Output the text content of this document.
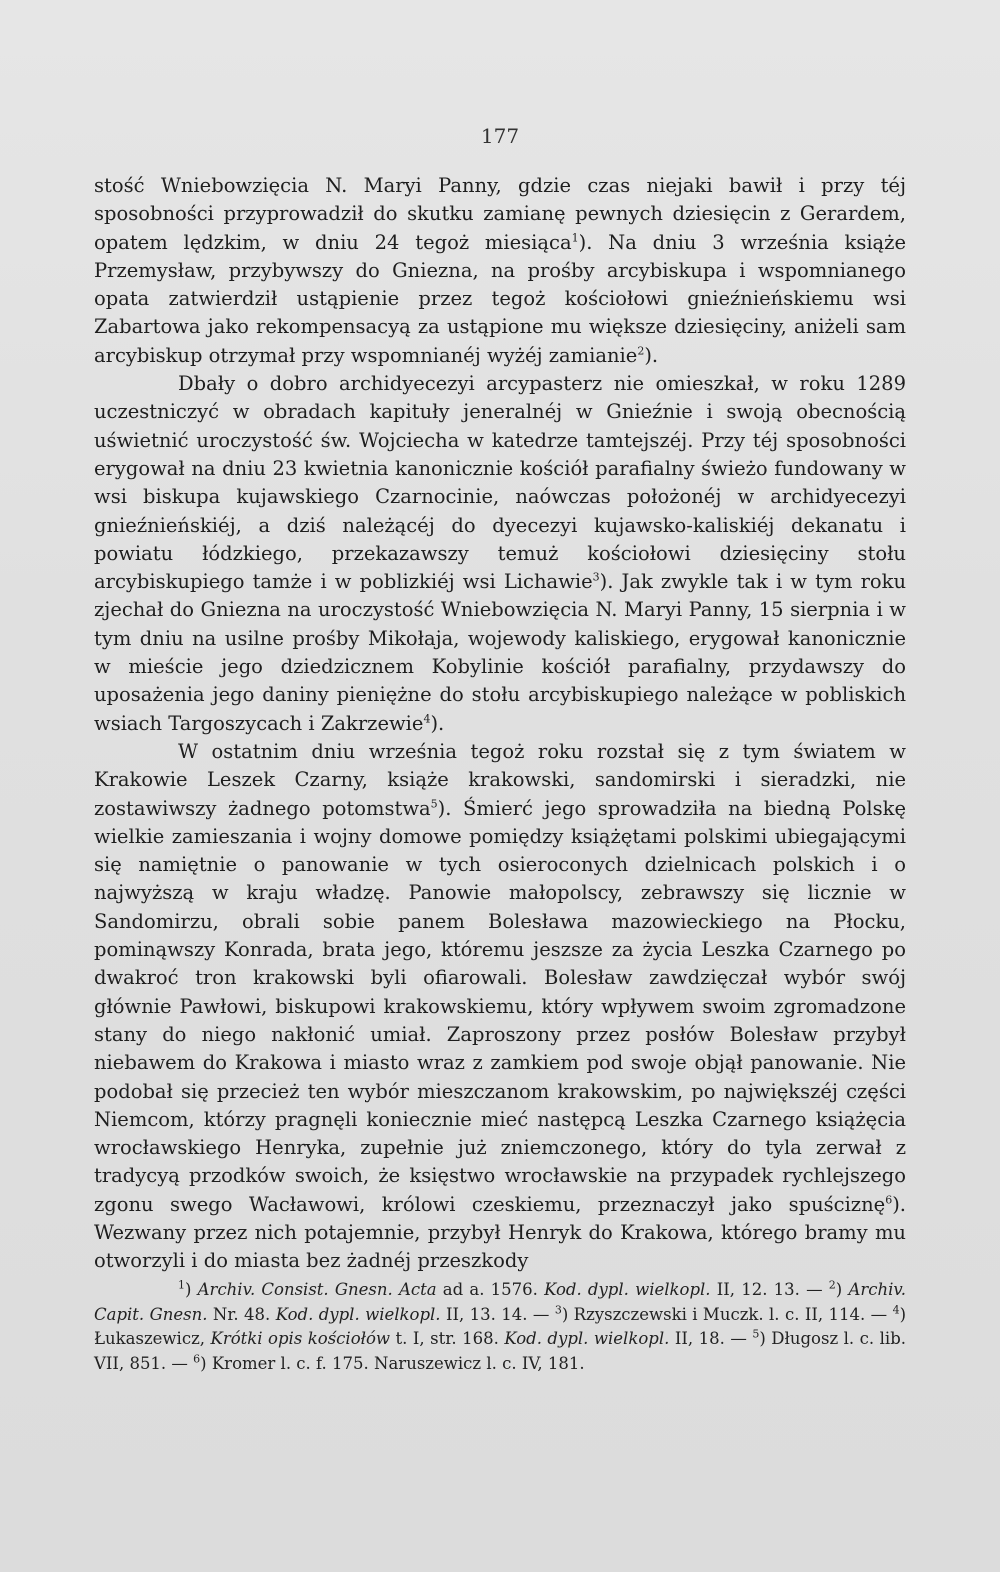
177

stość Wniebowzięcia N. Maryi Panny, gdzie czas niejaki bawił i przy téj sposobności przyprowadził do skutku zamianę pewnych dziesięcin z Gerardem, opatem lędzkim, w dniu 24 tegoż miesiąca$^1$). Na dniu 3 września książe Przemysław, przybywszy do Gniezna, na prośby arcybiskupa i wspomnianego opata zatwierdził ustąpienie przez tegoż kościołowi gnieźnieńskiemu wsi Zabartowa jako rekompensacyą za ustąpione mu większe dziesięciny, aniżeli sam arcybiskup otrzymał przy wspomnianéj wyżéj zamianie$^2$).

Dbały o dobro archidyecezyi arcypasterz nie omieszkał, w roku 1289 uczestniczyć w obradach kapituły jeneralnéj w Gnieźnie i swoją obecnością uświetnić uroczystość św. Wojciecha w katedrze tamtejszéj. Przy téj sposobności erygował na dniu 23 kwietnia kanonicznie kościół parafialny świeżo fundowany w wsi biskupa kujawskiego Czarnocinie, naówczas położonéj w archidyecezyi gnieźnieńskiéj, a dziś należącéj do dyecezyi kujawsko-kaliskiéj dekanatu i powiatu łódzkiego, przekazawszy temuż kościołowi dziesięciny stołu arcybiskupiego tamże i w poblizkiéj wsi Lichawie$^3$). Jak zwykle tak i w tym roku zjechał do Gniezna na uroczystość Wniebowzięcia N. Maryi Panny, 15 sierpnia i w tym dniu na usilne prośby Mikołaja, wojewody kaliskiego, erygował kanonicznie w mieście jego dziedzicznem Kobylinie kościół parafialny, przydawszy do uposażenia jego daniny pieniężne do stołu arcybiskupiego należące w pobliskich wsiach Targoszycach i Zakrzewie$^4$).

W ostatnim dniu września tegoż roku rozstał się z tym światem w Krakowie Leszek Czarny, książe krakowski, sandomirski i sieradzki, nie zostawiwszy żadnego potomstwa$^5$). Śmierć jego sprowadziła na biedną Polskę wielkie zamieszania i wojny domowe pomiędzy książętami polskimi ubiegającymi się namiętnie o panowanie w tych osieroconych dzielnicach polskich i o najwyższą w kraju władzę. Panowie małopolscy, zebrawszy się licznie w Sandomirzu, obrali sobie panem Bolesława mazowieckiego na Płocku, pominąwszy Konrada, brata jego, któremu jeszsze za życia Leszka Czarnego po dwakroć tron krakowski byli ofiarowali. Bolesław zawdzięczał wybór swój głównie Pawłowi, biskupowi krakowskiemu, który wpływem swoim zgromadzone stany do niego nakłonić umiał. Zaproszony przez posłów Bolesław przybył niebawem do Krakowa i miasto wraz z zamkiem pod swoje objął panowanie. Nie podobał się przecież ten wybór mieszczanom krakowskim, po największéj części Niemcom, którzy pragnęli koniecznie mieć następcą Leszka Czarnego książęcia wrocławskiego Henryka, zupełnie już zniemczonego, który do tyla zerwał z tradycyą przodków swoich, że księstwo wrocławskie na przypadek rychlejszego zgonu swego Wacławowi, królowi czeskiemu, przeznaczył jako spuściznę$^6$). Wezwany przez nich potajemnie, przybył Henryk do Krakowa, którego bramy mu otworzyli i do miasta bez żadnéj przeszkody

$^1$) Archiv. Consist. Gnesn. Acta ad a. 1576. Kod. dypl. wielkopl. II, 12. 13. — $^2$) Archiv. Capit. Gnesn. Nr. 48. Kod. dypl. wielkopl. II, 13. 14. — $^3$) Rzyszczewski i Muczk. l. c. II, 114. — $^4$) Łukaszewicz, Krótki opis kościołów t. I, str. 168. Kod. dypl. wielkopl. II, 18. — $^5$) Długosz l. c. lib. VII, 851. — $^6$) Kromer l. c. f. 175. Naruszewicz l. c. IV, 181.
